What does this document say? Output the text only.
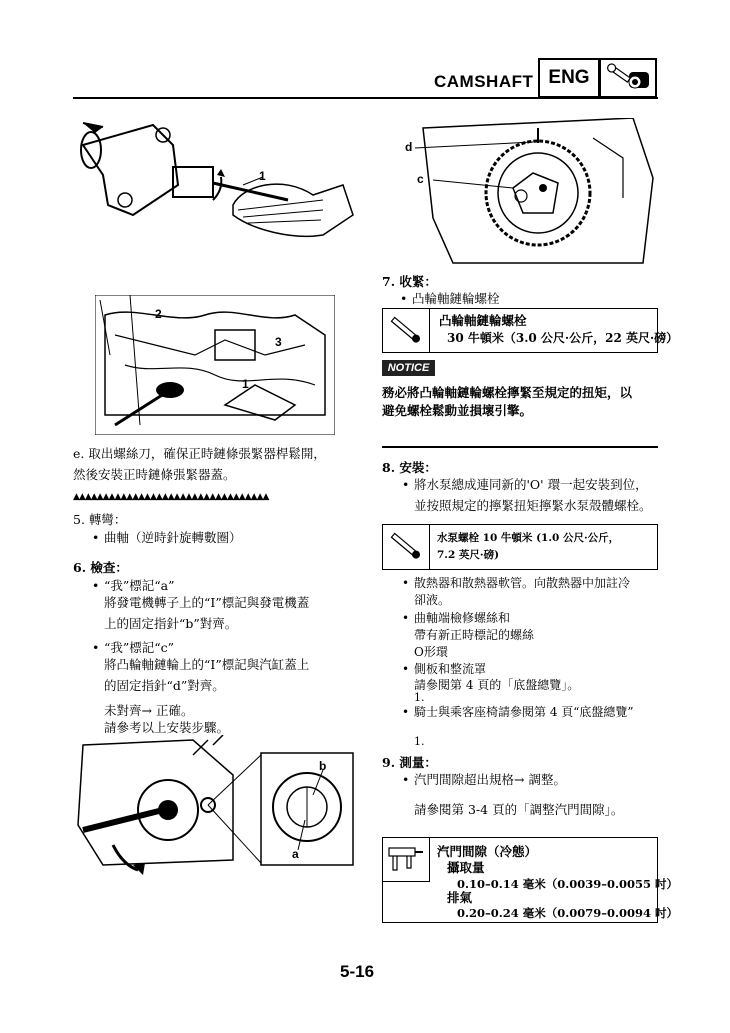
CAMSHAFT ENG
1
2
3
1
e. 取出螺絲刀，確保正時鏈條張緊器桿鬆開，
然後安裝正時鏈條張緊器蓋。
▲▲▲▲▲▲▲▲▲▲▲▲▲▲▲▲▲▲▲▲▲▲▲▲▲▲▲▲▲▲▲▲▲
5. 轉彎：
• 曲軸（逆時針旋轉數圈）
6. 檢查：
• “我”標記“a”
將發電機轉子上的“I”標記與發電機蓋
上的固定指針“b”對齊。
• “我”標記“c”
將凸輪軸鏈輪上的“I”標記與汽缸蓋上
的固定指針“d”對齊。
未對齊→ 正確。
請參考以上安裝步驟。
b
a
d
c
7. 收緊：
• 凸輪軸鏈輪螺栓
凸輪軸鏈輪螺栓
30 牛頓米（3.0 公尺·公斤，22 英尺·磅）
NOTICE
務必將凸輪軸鏈輪螺栓擰緊至規定的扭矩，以
避免螺栓鬆動並損壞引擎。
8. 安裝：
• 將水泵總成連同新的'O' 環一起安裝到位，
並按照規定的擰緊扭矩擰緊水泵殼體螺栓。
水泵螺栓 10 牛頓米 (1.0 公尺·公斤，
7.2 英尺·磅)
• 散熱器和散熱器軟管。向散熱器中加註冷
卻液。
• 曲軸端檢修螺絲和
帶有新正時標記的螺絲
O形環
• 側板和整流罩
請參閱第 4 頁的「底盤總覽」。
1.
• 騎士與乘客座椅請參閱第 4 頁“底盤總覽”
1.
9. 測量：
• 汽門間隙超出規格→ 調整。
請參閱第 3-4 頁的「調整汽門間隙」。
汽門間隙（冷態）
攝取量
0.10–0.14 毫米（0.0039–0.0055 吋）
排氣
0.20–0.24 毫米（0.0079–0.0094 吋）
5-16
